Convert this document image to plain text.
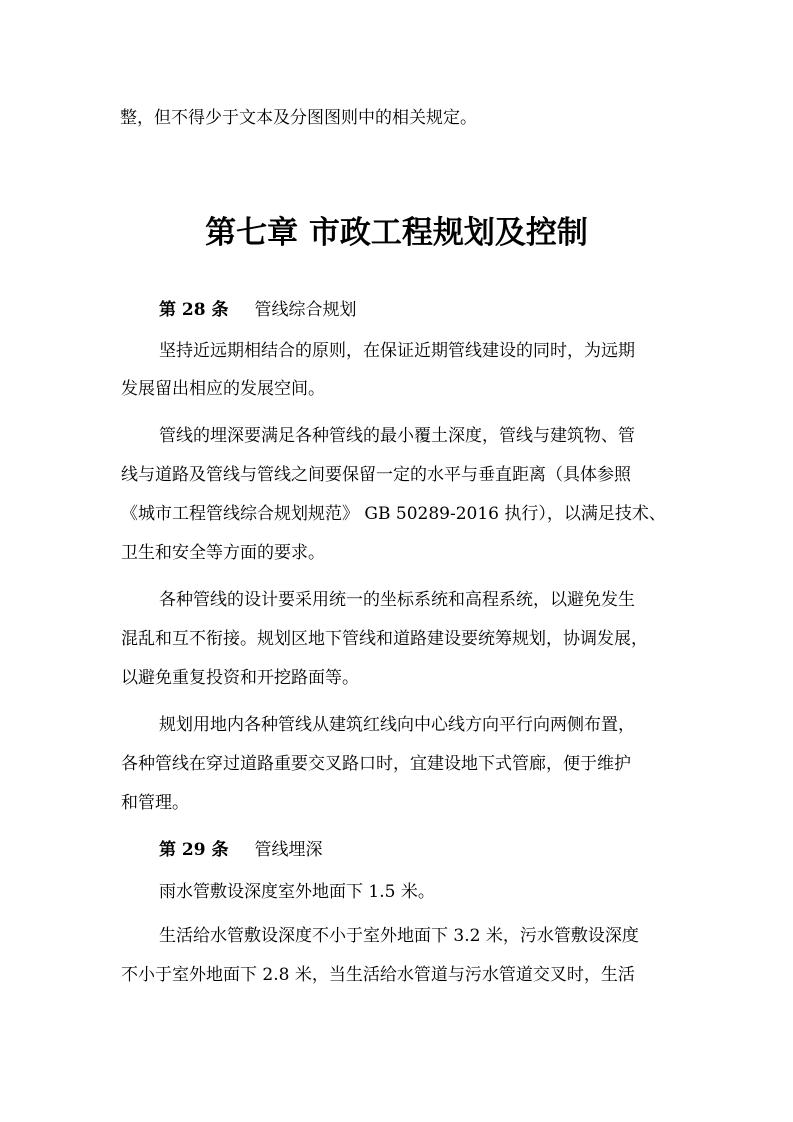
整，但不得少于文本及分图图则中的相关规定。
第七章 市政工程规划及控制
第 28 条 管线综合规划
坚持近远期相结合的原则，在保证近期管线建设的同时，为远期
发展留出相应的发展空间。
管线的埋深要满足各种管线的最小覆土深度，管线与建筑物、管
线与道路及管线与管线之间要保留一定的水平与垂直距离（具体参照
《城市工程管线综合规划规范》 GB 50289-2016 执行），以满足技术、
卫生和安全等方面的要求。
各种管线的设计要采用统一的坐标系统和高程系统，以避免发生
混乱和互不衔接。规划区地下管线和道路建设要统筹规划，协调发展，
以避免重复投资和开挖路面等。
规划用地内各种管线从建筑红线向中心线方向平行向两侧布置，
各种管线在穿过道路重要交叉路口时，宜建设地下式管廊，便于维护
和管理。
第 29 条 管线埋深
雨水管敷设深度室外地面下 1.5 米。
生活给水管敷设深度不小于室外地面下 3.2 米，污水管敷设深度
不小于室外地面下 2.8 米，当生活给水管道与污水管道交叉时，生活
